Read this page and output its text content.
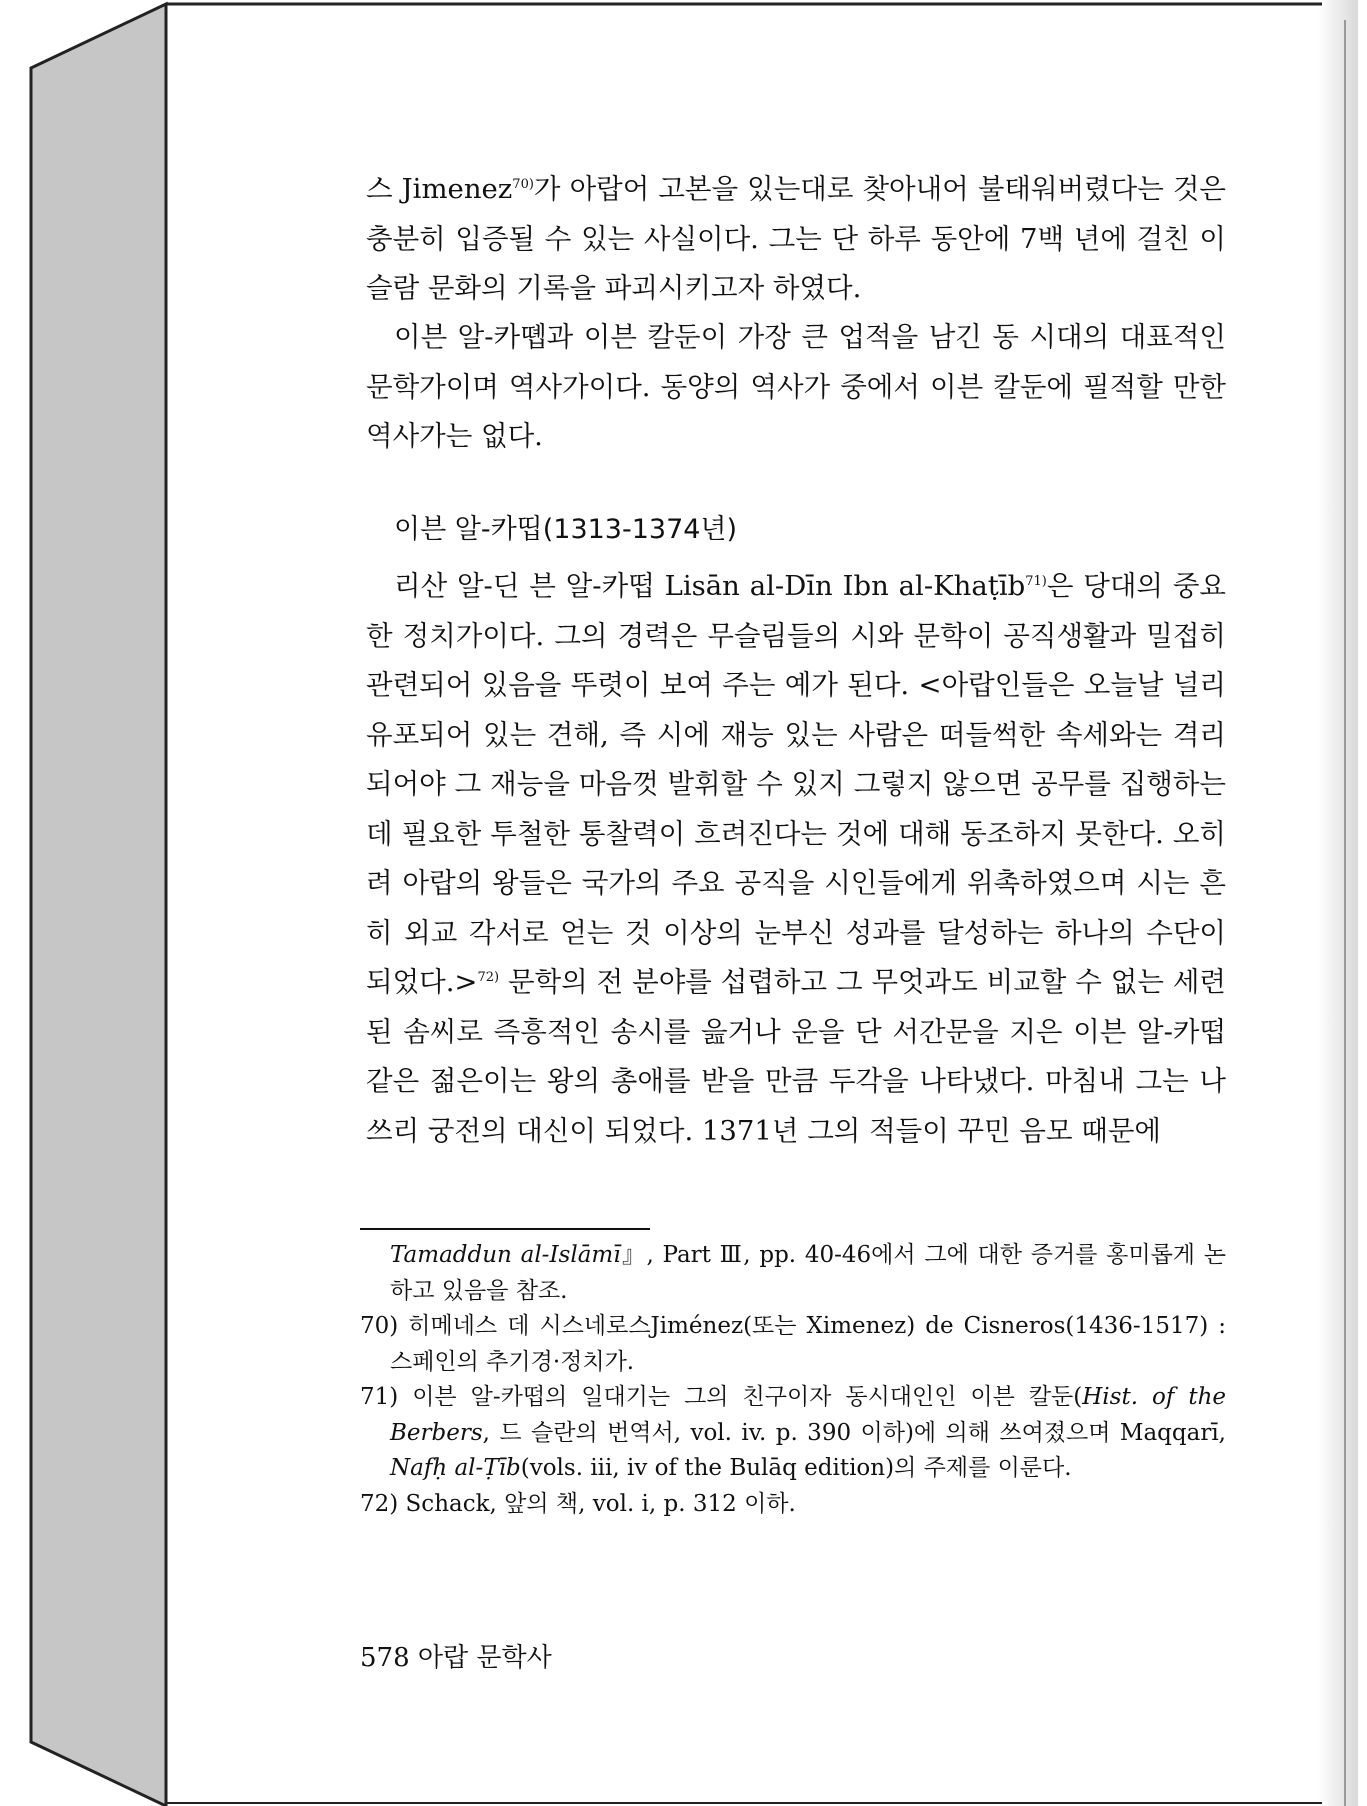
스 Jimenez$^{70)}$가 아랍어 고본을 있는대로 찾아내어 불태워버렸다는 것은 충분히 입증될 수 있는 사실이다. 그는 단 하루 동안에 7백 년에 걸친 이슬람 문화의 기록을 파괴시키고자 하였다.

이븐 알-카똅과 이븐 칼둔이 가장 큰 업적을 남긴 동 시대의 대표적인 문학가이며 역사가이다. 동양의 역사가 중에서 이븐 칼둔에 필적할 만한 역사가는 없다.

이븐 알-카띱(1313-1374년)

리산 알-딘 븐 알-카떱 Lisān al-Dīn Ibn al-Khaṭīb$^{71)}$은 당대의 중요한 정치가이다. 그의 경력은 무슬림들의 시와 문학이 공직생활과 밀접히 관련되어 있음을 뚜렷이 보여 주는 예가 된다. <아랍인들은 오늘날 널리 유포되어 있는 견해, 즉 시에 재능 있는 사람은 떠들썩한 속세와는 격리되어야 그 재능을 마음껏 발휘할 수 있지 그렇지 않으면 공무를 집행하는 데 필요한 투철한 통찰력이 흐려진다는 것에 대해 동조하지 못한다. 오히려 아랍의 왕들은 국가의 주요 공직을 시인들에게 위촉하였으며 시는 흔히 외교 각서로 얻는 것 이상의 눈부신 성과를 달성하는 하나의 수단이 되었다.>$^{72)}$ 문학의 전 분야를 섭렵하고 그 무엇과도 비교할 수 없는 세련된 솜씨로 즉흥적인 송시를 읊거나 운을 단 서간문을 지은 이븐 알-카떱 같은 젊은이는 왕의 총애를 받을 만큼 두각을 나타냈다. 마침내 그는 나쓰리 궁전의 대신이 되었다. 1371년 그의 적들이 꾸민 음모 때문에

Tamaddun al-Islāmī』, Part Ⅲ, pp. 40-46에서 그에 대한 증거를 홍미롭게 논하고 있음을 참조.

70) 히메네스 데 시스네로스Jiménez(또는 Ximenez) de Cisneros(1436-1517) : 스페인의 추기경·정치가.

71) 이븐 알-카떱의 일대기는 그의 친구이자 동시대인인 이븐 칼둔(Hist. of the Berbers, 드 슬란의 번역서, vol. iv. p. 390 이하)에 의해 쓰여졌으며 Maqqarī, Nafḥ al-Ṭīb(vols. iii, iv of the Bulāq edition)의 주제를 이룬다.

72) Schack, 앞의 책, vol. i, p. 312 이하.

578 아랍 문학사
